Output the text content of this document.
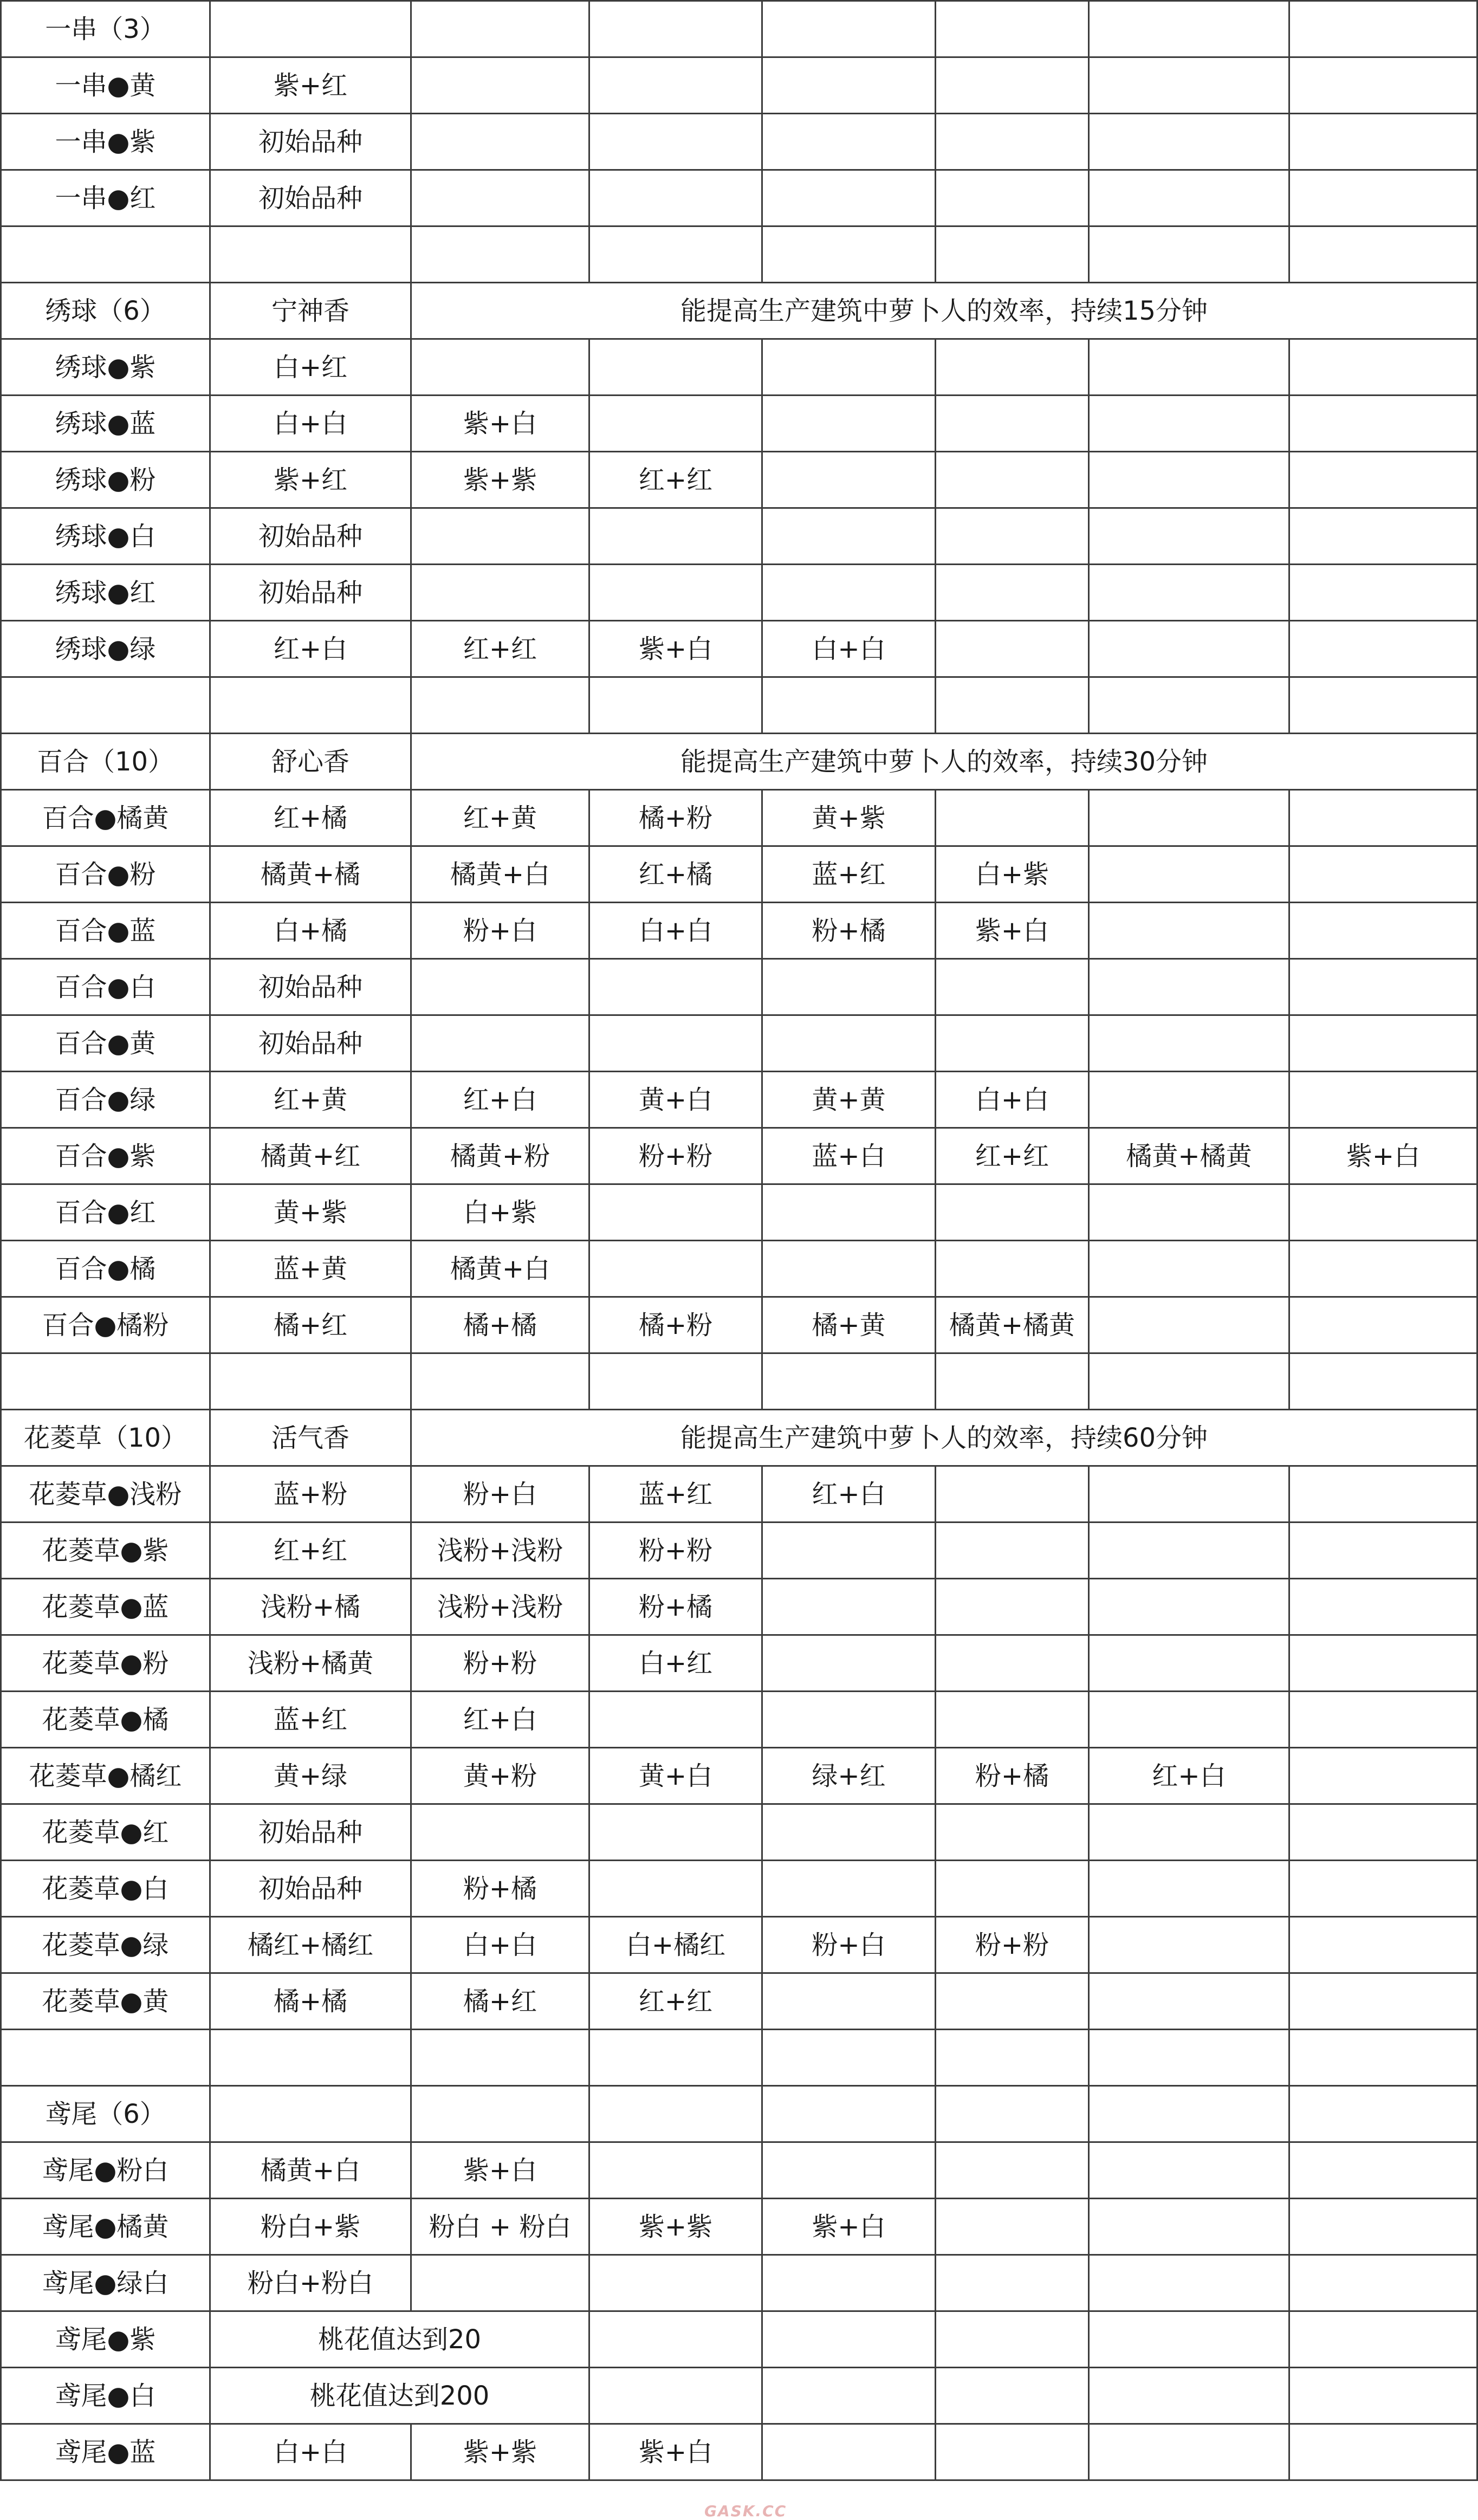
一串（3）							
一串●黄	紫+红						
一串●紫	初始品种						
一串●红	初始品种						

绣球（6）	宁神香	能提高生产建筑中萝卜人的效率，持续15分钟					
绣球●紫	白+红						
绣球●蓝	白+白	紫+白					
绣球●粉	紫+红	紫+紫	红+红				
绣球●白	初始品种						
绣球●红	初始品种						
绣球●绿	红+白	红+红	紫+白	白+白			

百合（10）	舒心香	能提高生产建筑中萝卜人的效率，持续30分钟					
百合●橘黄	红+橘	红+黄	橘+粉	黄+紫			
百合●粉	橘黄+橘	橘黄+白	红+橘	蓝+红	白+紫		
百合●蓝	白+橘	粉+白	白+白	粉+橘	紫+白		
百合●白	初始品种						
百合●黄	初始品种						
百合●绿	红+黄	红+白	黄+白	黄+黄	白+白		
百合●紫	橘黄+红	橘黄+粉	粉+粉	蓝+白	红+红	橘黄+橘黄	紫+白
百合●红	黄+紫	白+紫					
百合●橘	蓝+黄	橘黄+白					
百合●橘粉	橘+红	橘+橘	橘+粉	橘+黄	橘黄+橘黄		

花菱草（10）	活气香	能提高生产建筑中萝卜人的效率，持续60分钟					
花菱草●浅粉	蓝+粉	粉+白	蓝+红	红+白			
花菱草●紫	红+红	浅粉+浅粉	粉+粉				
花菱草●蓝	浅粉+橘	浅粉+浅粉	粉+橘				
花菱草●粉	浅粉+橘黄	粉+粉	白+红				
花菱草●橘	蓝+红	红+白					
花菱草●橘红	黄+绿	黄+粉	黄+白	绿+红	粉+橘	红+白	
花菱草●红	初始品种						
花菱草●白	初始品种	粉+橘					
花菱草●绿	橘红+橘红	白+白	白+橘红	粉+白	粉+粉		
花菱草●黄	橘+橘	橘+红	红+红				

鸢尾（6）							
鸢尾●粉白	橘黄+白	紫+白					
鸢尾●橘黄	粉白+紫	粉白 + 粉白	紫+紫	紫+白			
鸢尾●绿白	粉白+粉白						
鸢尾●紫	桃花值达到20						
鸢尾●白	桃花值达到200						
鸢尾●蓝	白+白	紫+紫	紫+白				
GASK.CC
